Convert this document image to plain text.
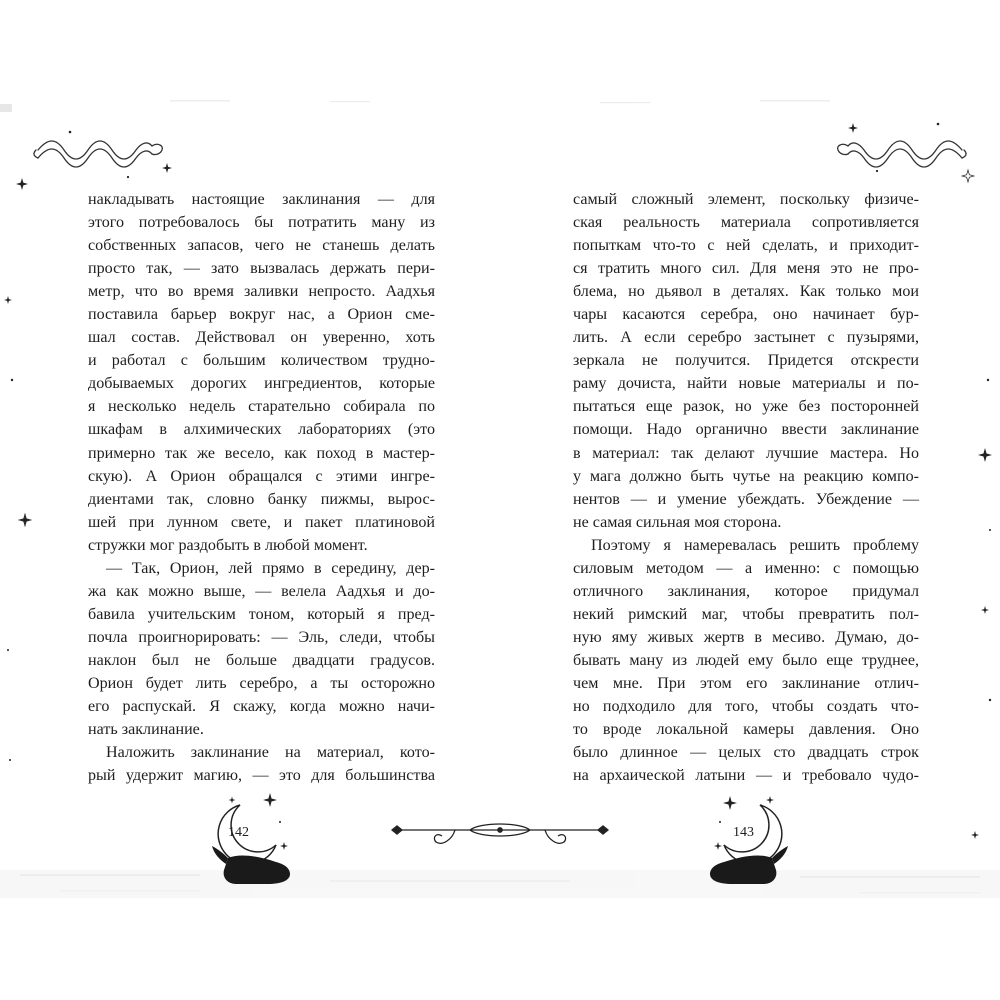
накладывать настоящие заклинания — для

этого потребовалось бы потратить ману из

собственных запасов, чего не станешь делать

просто так, — зато вызвалась держать пери-

метр, что во время заливки непросто. Аадхья

поставила барьер вокруг нас, а Орион сме-

шал состав. Действовал он уверенно, хоть

и работал с большим количеством трудно-

добываемых дорогих ингредиентов, которые

я несколько недель старательно собирала по

шкафам в алхимических лабораториях (это

примерно так же весело, как поход в мастер-

скую). А Орион обращался с этими ингре-

диентами так, словно банку пижмы, вырос-

шей при лунном свете, и пакет платиновой

стружки мог раздобыть в любой момент.

— Так, Орион, лей прямо в середину, дер-

жа как можно выше, — велела Аадхья и до-

бавила учительским тоном, который я пред-

почла проигнорировать: — Эль, следи, чтобы

наклон был не больше двадцати градусов.

Орион будет лить серебро, а ты осторожно

его распускай. Я скажу, когда можно начи-

нать заклинание.

Наложить заклинание на материал, кото-

рый удержит магию, — это для большинства

самый сложный элемент, поскольку физиче-

ская реальность материала сопротивляется

попыткам что-то с ней сделать, и приходит-

ся тратить много сил. Для меня это не про-

блема, но дьявол в деталях. Как только мои

чары касаются серебра, оно начинает бур-

лить. А если серебро застынет с пузырями,

зеркала не получится. Придется отскрести

раму дочиста, найти новые материалы и по-

пытаться еще разок, но уже без посторонней

помощи. Надо органично ввести заклинание

в материал: так делают лучшие мастера. Но

у мага должно быть чутье на реакцию компо-

нентов — и умение убеждать. Убеждение —

не самая сильная моя сторона.

Поэтому я намеревалась решить проблему

силовым методом — а именно: с помощью

отличного заклинания, которое придумал

некий римский маг, чтобы превратить пол-

ную яму живых жертв в месиво. Думаю, до-

бывать ману из людей ему было еще труднее,

чем мне. При этом его заклинание отлич-

но подходило для того, чтобы создать что-

то вроде локальной камеры давления. Оно

было длинное — целых сто двадцать строк

на архаической латыни — и требовало чудо-

142	143
